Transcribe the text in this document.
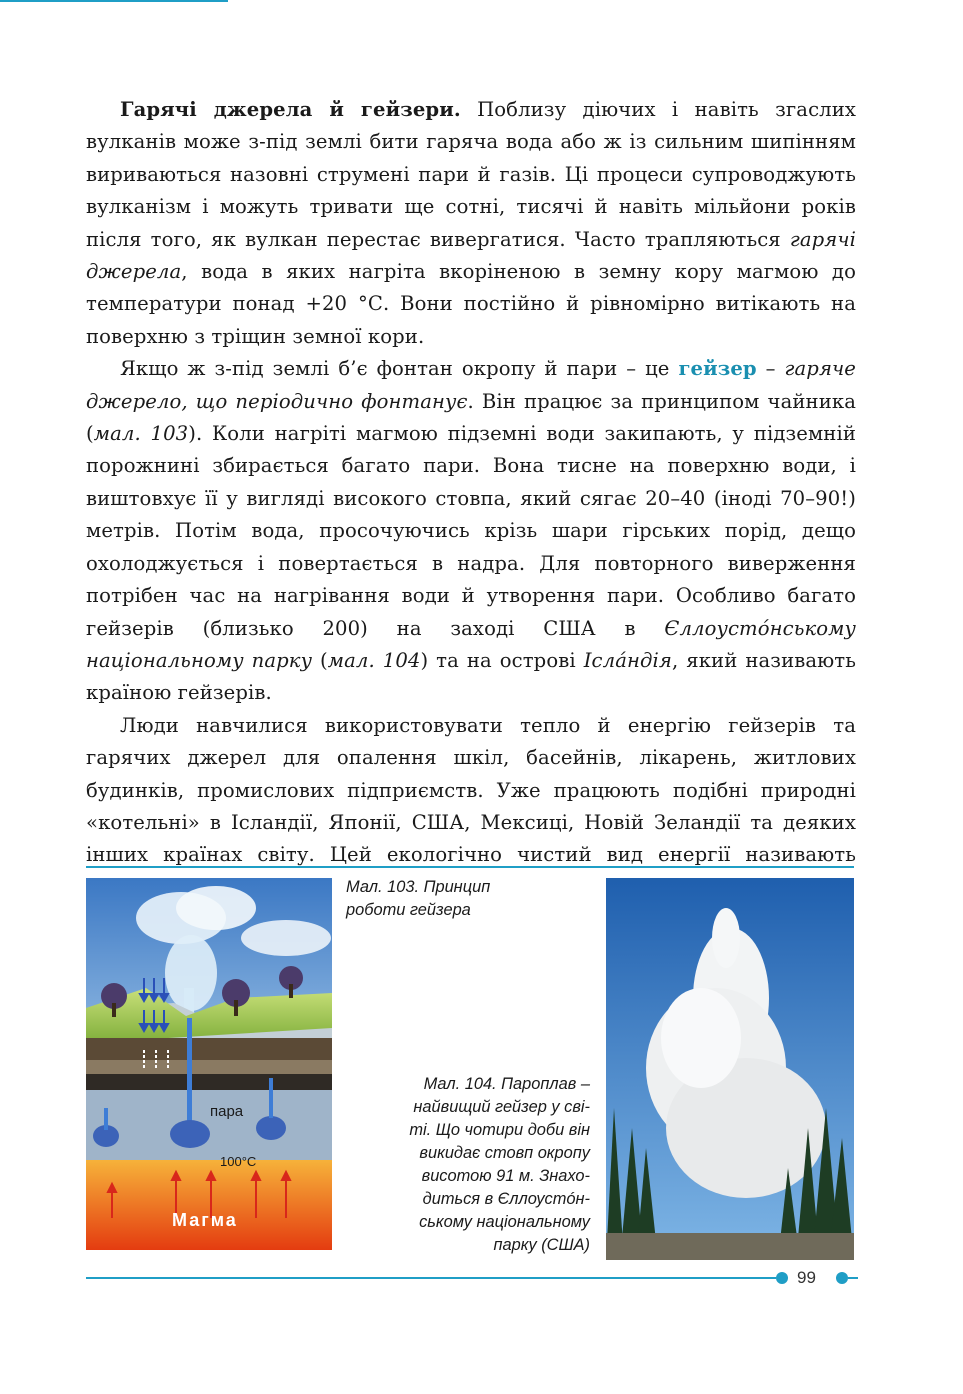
Гарячі джерела й гейзери. Поблизу діючих і навіть згаслих вулканів може з-під землі бити гаряча вода або ж із сильним шипінням вириваються назовні струмені пари й газів. Ці процеси супроводжують вулканізм і можуть тривати ще сотні, тисячі й навіть мільйони років після того, як вулкан перестає вивергатися. Часто трапляються гарячі джерела, вода в яких нагріта вкоріненою в земну кору магмою до температури понад +20 °С. Вони постійно й рівномірно витікають на поверхню з тріщин земної кори.

Якщо ж з-під землі б’є фонтан окропу й пари – це гейзер – гаряче джерело, що періодично фонтанує. Він працює за принципом чайника (мал. 103). Коли нагріті магмою підземні води закипають, у підземній порожнині збирається багато пари. Вона тисне на поверхню води, і виштовхує її у вигляді високого стовпа, який сягає 20–40 (іноді 70–90!) метрів. Потім вода, просочуючись крізь шари гірських порід, дещо охолоджується і повертається в надра. Для повторного виверження потрібен час на нагрівання води й утворення пари. Особливо багато гейзерів (близько 200) на заході США в Єллоустóнському національному парку (мал. 104) та на острові Ісла́ндія, який називають країною гейзерів.

Люди навчилися використовувати тепло й енергію гейзерів та гарячих джерел для опалення шкіл, басейнів, лікарень, житлових будинків, промислових підприємств. Уже працюють подібні природні «котельні» в Ісландії, Японії, США, Мексиці, Новій Зеландії та деяких інших країнах світу. Цей екологічно чистий вид енергії називають

пара
100°С
Магма
Мал. 103. Принцип
роботи гейзера
Мал. 104. Пароплав –
найвищий гейзер у сві-
ті. Що чотири доби він
викидає стовп окропу
висотою 91 м. Знахо-
диться в Єллоустóн-
ському національному
парку (США)
99
